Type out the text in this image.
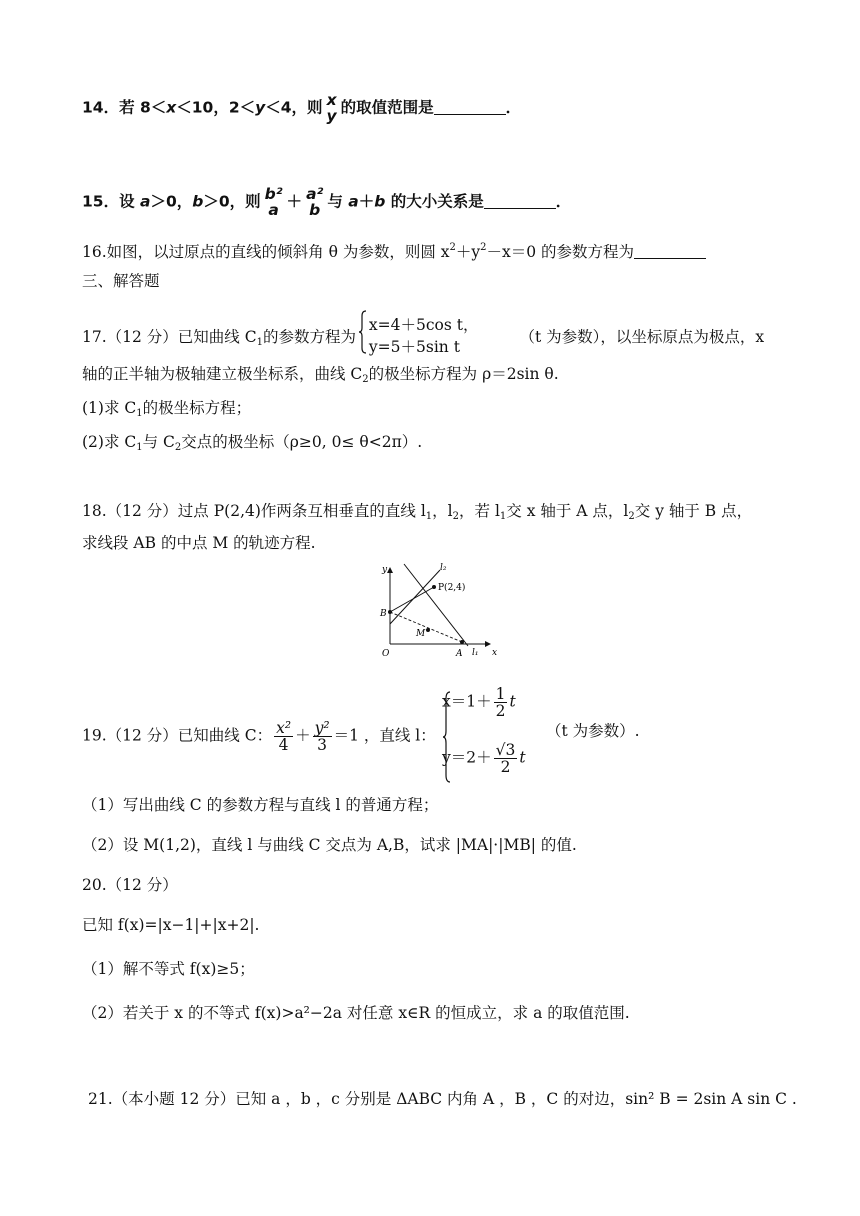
14．若 8＜x＜10，2＜y＜4，则 x
y 的取值范围是	．
15．设 a＞0，b＞0，则 b²
a ＋ a²
b 与 a＋b 的大小关系是	．
16.如图，以过原点的直线的倾斜角 θ 为参数，则圆 $x^2+y^2-x=0$ 的参数方程为
三、解答题
17.（12 分）已知曲线 $C_1$的参数方程为
x=4＋5cos t，
y=5＋5sin t
（t 为参数），以坐标原点为极点，x
轴的正半轴为极轴建立极坐标系，曲线 $C_2$的极坐标方程为 ρ＝2sin θ.
(1)求 $C_1$的极坐标方程；
(2)求 $C_1$与 $C_2$交点的极坐标（ρ≥0, 0≤ θ<2π）.
18.（12 分）过点 P(2,4)作两条互相垂直的直线 $l_1$，$l_2$，若 $l_1$交 x 轴于 A 点，$l_2$交 y 轴于 B 点，
求线段 AB 的中点 M 的轨迹方程.
y
x
O	A
B
M
P(2,4)
l₁
l₂
19.（12 分）已知曲线 C： $\frac{\text{x²}}{4} + \frac{\text{y²}}{3} =1$ ，直线 l：
$x=1+ \frac{1}{2}$ t
$y=2+ \frac{√3}{2}$ t
（t 为参数）.
（1）写出曲线 C 的参数方程与直线 l 的普通方程；
（2）设 M(1,2)，直线 l 与曲线 C 交点为 A,B，试求 |MA|·|MB| 的值.
20.（12 分）
已知 f(x)=|x−1|+|x+2|.
（1）解不等式 f(x)≥5；
（2）若关于 x 的不等式 f(x)>a²−2a 对任意 x∈R 的恒成立，求 a 的取值范围.
21.（本小题 12 分）已知 a ，b ，c 分别是 ΔABC 内角 A ，B ，C 的对边，sin² B = 2sin A sin C .
